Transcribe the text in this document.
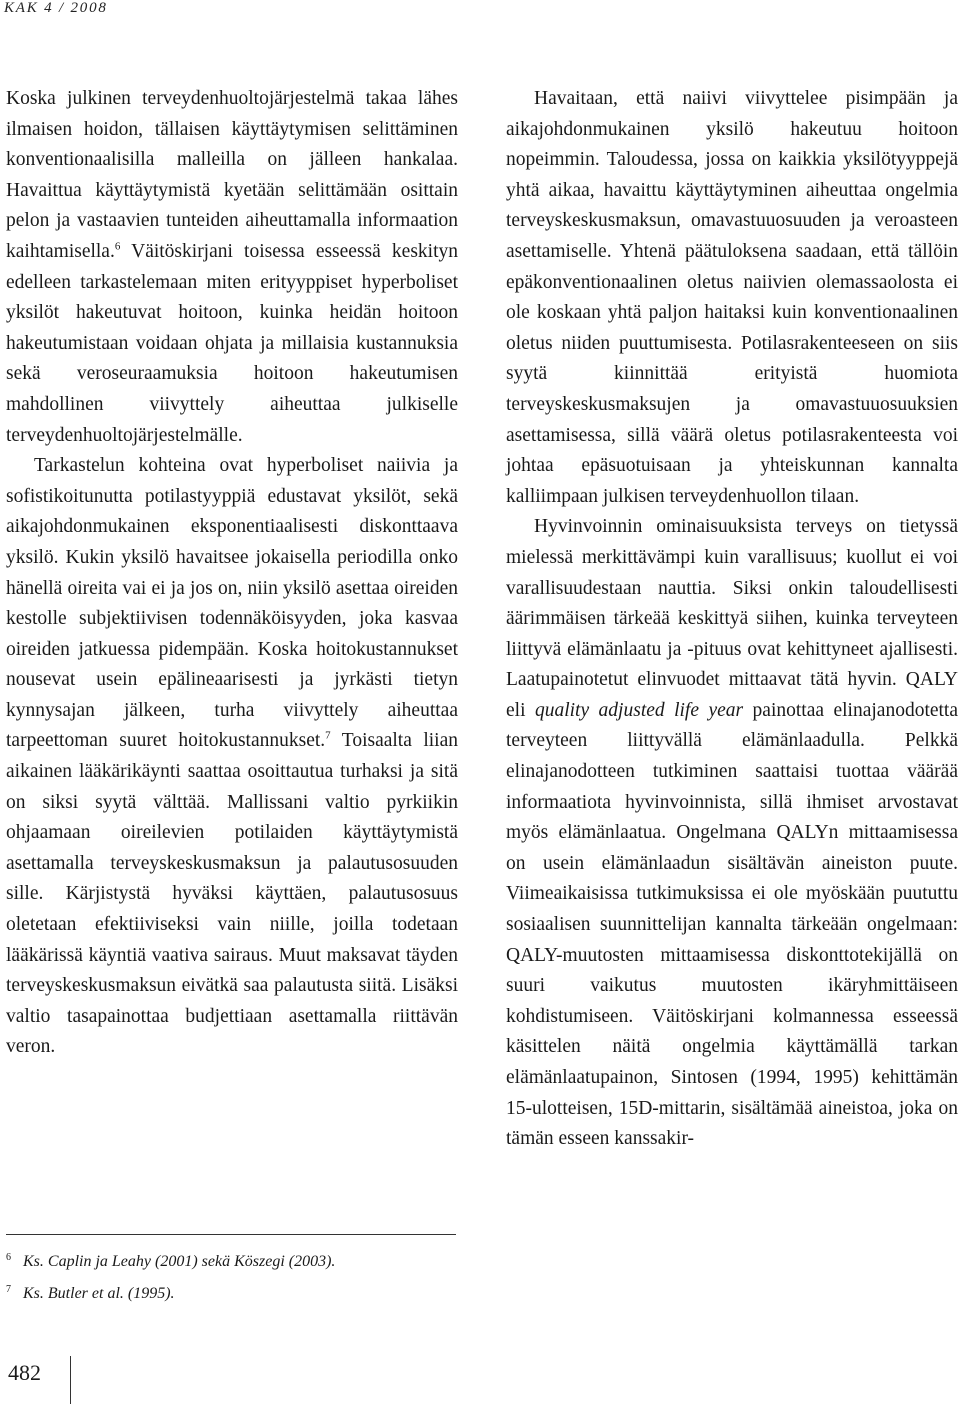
KAK 4 / 2008

Koska julkinen terveydenhuoltojärjestelmä takaa lähes ilmaisen hoidon, tällaisen käyttäytymisen selittäminen konventionaalisilla malleilla on jälleen hankalaa. Havaittua käyttäytymistä kyetään selittämään osittain pelon ja vastaavien tunteiden aiheuttamalla informaation kaihtamisella.$^6$ Väitöskirjani toisessa esseessä keskityn edelleen tarkastelemaan miten erityyppiset hyperboliset yksilöt hakeutuvat hoitoon, kuinka heidän hoitoon hakeutumistaan voidaan ohjata ja millaisia kustannuksia sekä veroseuraamuksia hoitoon hakeutumisen mahdollinen viivyttely aiheuttaa julkiselle terveydenhuoltojärjestelmälle.

Tarkastelun kohteina ovat hyperboliset naiivia ja sofistikoitunutta potilastyyppiä edustavat yksilöt, sekä aikajohdonmukainen eksponentiaalisesti diskonttaava yksilö. Kukin yksilö havaitsee jokaisella periodilla onko hänellä oireita vai ei ja jos on, niin yksilö asettaa oireiden kestolle subjektiivisen todennäköisyyden, joka kasvaa oireiden jatkuessa pidempään. Koska hoitokustannukset nousevat usein epälineaarisesti ja jyrkästi tietyn kynnysajan jälkeen, turha viivyttely aiheuttaa tarpeettoman suuret hoitokustannukset.$^7$ Toisaalta liian aikainen lääkärikäynti saattaa osoittautua turhaksi ja sitä on siksi syytä välttää. Mallissani valtio pyrkiikin ohjaamaan oireilevien potilaiden käyttäytymistä asettamalla terveyskeskusmaksun ja palautusosuuden sille. Kärjistystä hyväksi käyttäen, palautusosuus oletetaan efektiiviseksi vain niille, joilla todetaan lääkärissä käyntiä vaativa sairaus. Muut maksavat täyden terveyskeskusmaksun eivätkä saa palautusta siitä. Lisäksi valtio tasapainottaa budjettiaan asettamalla riittävän veron.

$^6$ Ks. Caplin ja Leahy (2001) sekä Köszegi (2003).

$^7$ Ks. Butler et al. (1995).

Havaitaan, että naiivi viivyttelee pisimpään ja aikajohdonmukainen yksilö hakeutuu hoitoon nopeimmin. Taloudessa, jossa on kaikkia yksilötyyppejä yhtä aikaa, havaittu käyttäytyminen aiheuttaa ongelmia terveyskeskusmaksun, omavastuuosuuden ja veroasteen asettamiselle. Yhtenä päätuloksena saadaan, että tällöin epäkonventionaalinen oletus naiivien olemassaolosta ei ole koskaan yhtä paljon haitaksi kuin konventionaalinen oletus niiden puuttumisesta. Potilasrakenteeseen on siis syytä kiinnittää erityistä huomiota terveyskeskusmaksujen ja omavastuuosuuksien asettamisessa, sillä väärä oletus potilasrakenteesta voi johtaa epäsuotuisaan ja yhteiskunnan kannalta kalliimpaan julkisen terveydenhuollon tilaan.

Hyvinvoinnin ominaisuuksista terveys on tietyssä mielessä merkittävämpi kuin varallisuus; kuollut ei voi varallisuudestaan nauttia. Siksi onkin taloudellisesti äärimmäisen tärkeää keskittyä siihen, kuinka terveyteen liittyvä elämänlaatu ja -pituus ovat kehittyneet ajallisesti. Laatupainotetut elinvuodet mittaavat tätä hyvin. QALY eli quality adjusted life year painottaa elinajanodotetta terveyteen liittyvällä elämänlaadulla. Pelkkä elinajanodotteen tutkiminen saattaisi tuottaa väärää informaatiota hyvinvoinnista, sillä ihmiset arvostavat myös elämänlaatua. Ongelmana QALYn mittaamisessa on usein elämänlaadun sisältävän aineiston puute. Viimeaikaisissa tutkimuksissa ei ole myöskään puututtu sosiaalisen suunnittelijan kannalta tärkeään ongelmaan: QALY-muutosten mittaamisessa diskonttotekijällä on suuri vaikutus muutosten ikäryhmittäiseen kohdistumiseen. Väitöskirjani kolmannessa esseessä käsittelen näitä ongelmia käyttämällä tarkan elämänlaatupainon, Sintosen (1994, 1995) kehittämän 15-ulotteisen, 15D-mittarin, sisältämää aineistoa, joka on tämän esseen kanssakir-

482
